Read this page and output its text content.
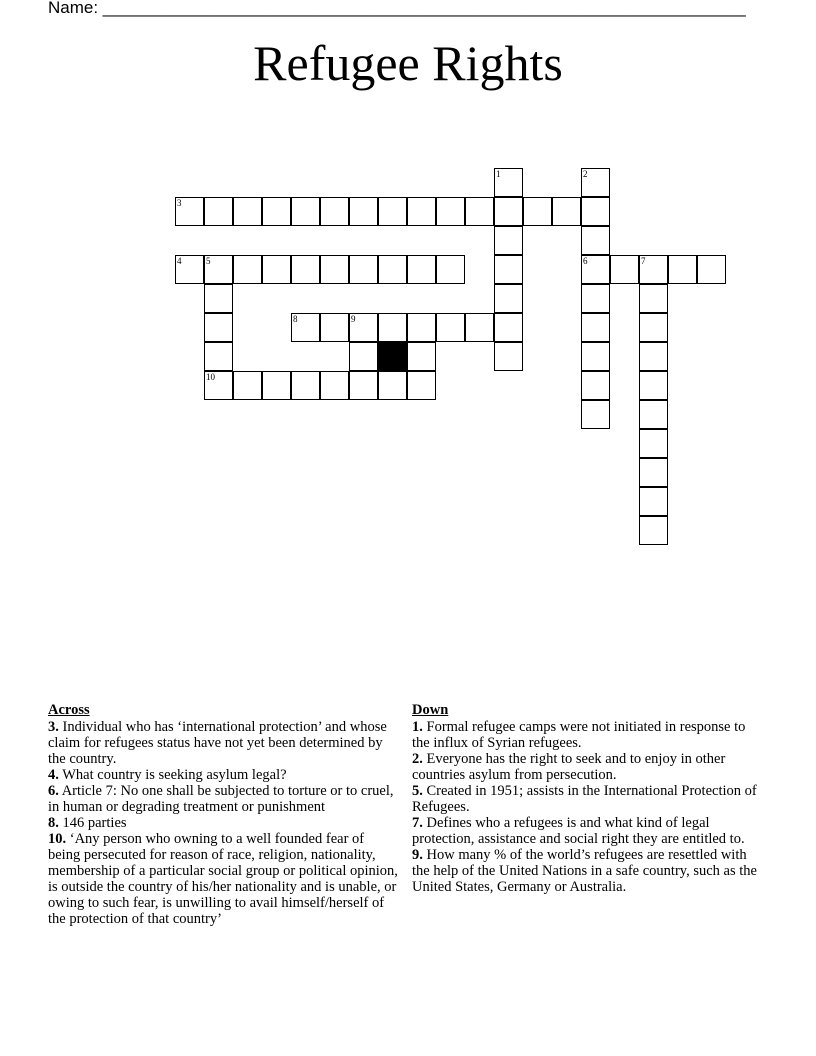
Name: ____________________________________________________________________
Refugee Rights
1	2
3
4	5	6	7
8	9
10
Across
3. Individual who has ‘international protection’ and whose claim for refugees status have not yet been determined by the country.
4. What country is seeking asylum legal?
6. Article 7: No one shall be subjected to torture or to cruel, in human or degrading treatment or punishment
8. 146 parties
10. ‘Any person who owning to a well founded fear of being persecuted for reason of race, religion, nationality, membership of a particular social group or political opinion, is outside the country of his/her nationality and is unable, or owing to such fear, is unwilling to avail himself/herself of the protection of that country’
Down
1. Formal refugee camps were not initiated in response to the influx of Syrian refugees.
2. Everyone has the right to seek and to enjoy in other countries asylum from persecution.
5. Created in 1951; assists in the International Protection of Refugees.
7. Defines who a refugees is and what kind of legal protection, assistance and social right they are entitled to.
9. How many % of the world’s refugees are resettled with the help of the United Nations in a safe country, such as the United States, Germany or Australia.
